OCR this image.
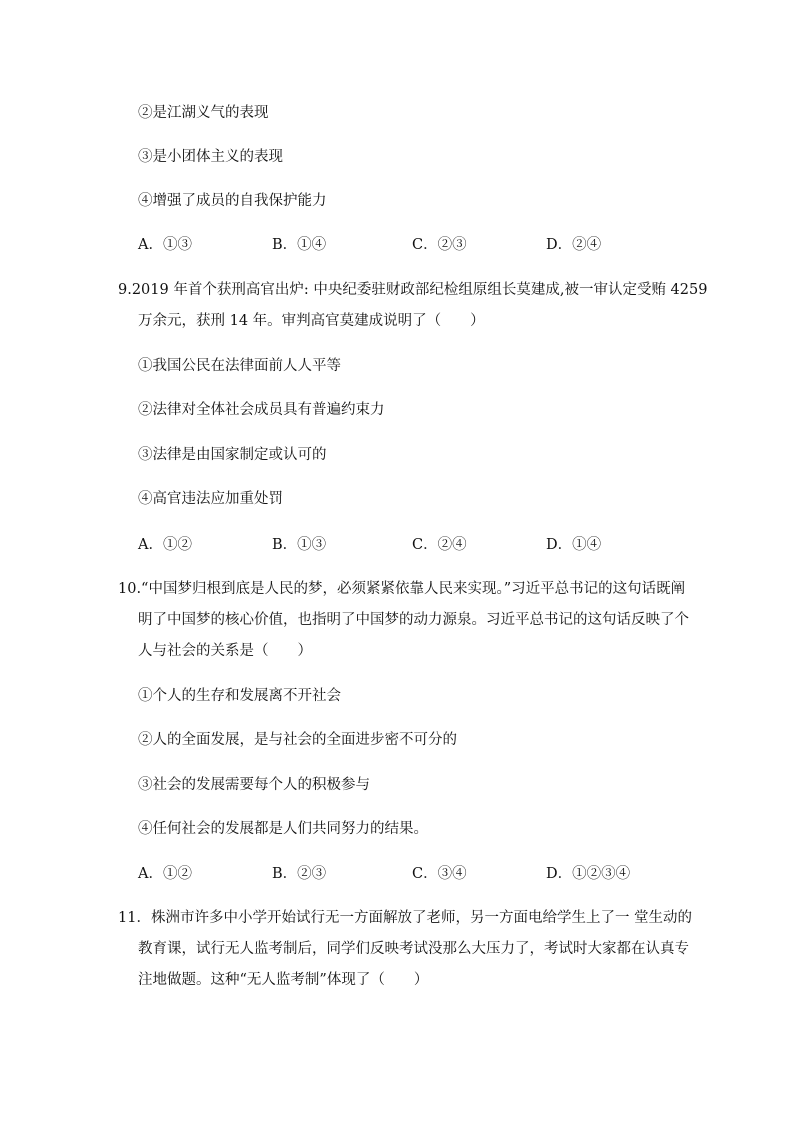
②是江湖义气的表现
③是小团体主义的表现
④增强了成员的自我保护能力
A．①③	B．①④	C．②③	D．②④
9.2019 年首个获刑高官出炉: 中央纪委驻财政部纪检组原组长莫建成,被一审认定受贿 4259
万余元，获刑 14 年。审判高官莫建成说明了（　　）
①我国公民在法律面前人人平等
②法律对全体社会成员具有普遍约束力
③法律是由国家制定或认可的
④高官违法应加重处罚
A．①②	B．①③	C．②④	D．①④
10.“中国梦归根到底是人民的梦，必须紧紧依靠人民来实现。”习近平总书记的这句话既阐
明了中国梦的核心价值，也指明了中国梦的动力源泉。习近平总书记的这句话反映了个
人与社会的关系是（　　）
①个人的生存和发展离不开社会
②人的全面发展，是与社会的全面进步密不可分的
③社会的发展需要每个人的积极参与
④任何社会的发展都是人们共同努力的结果。
A．①②	B．②③	C．③④	D．①②③④
11．株洲市许多中小学开始试行无一方面解放了老师，另一方面电给学生上了一 堂生动的
教育课，试行无人监考制后，同学们反映考试没那么大压力了，考试时大家都在认真专
注地做题。这种“无人监考制”体现了（　　）
